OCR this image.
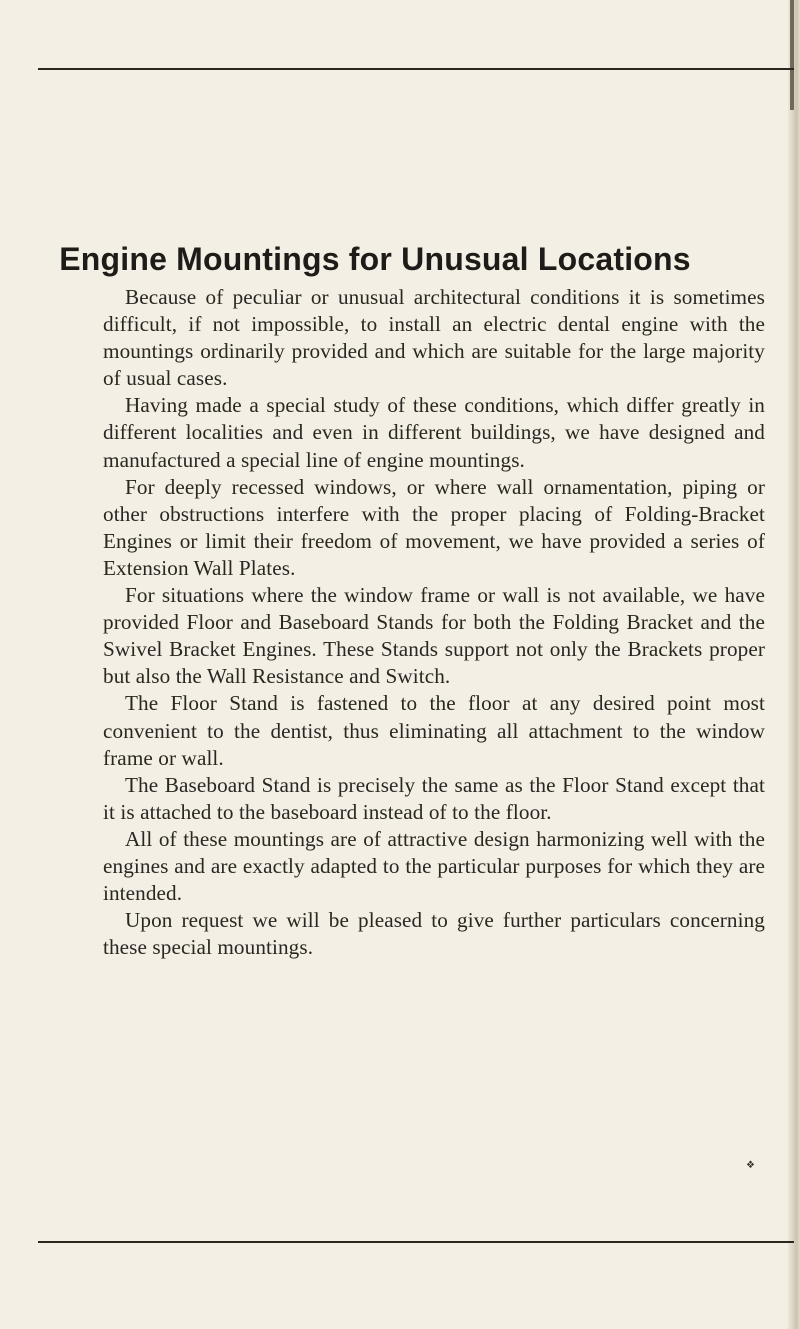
Engine Mountings for Unusual Locations

Because of peculiar or unusual architectural conditions it is sometimes difficult, if not impossible, to install an electric dental engine with the mountings ordinarily provided and which are suitable for the large majority of usual cases.

Having made a special study of these conditions, which differ greatly in different localities and even in different buildings, we have designed and manufactured a special line of engine mountings.

For deeply recessed windows, or where wall ornamentation, piping or other obstructions interfere with the proper placing of Folding-Bracket Engines or limit their freedom of movement, we have provided a series of Extension Wall Plates.

For situations where the window frame or wall is not available, we have provided Floor and Baseboard Stands for both the Folding Bracket and the Swivel Bracket Engines. These Stands support not only the Brackets proper but also the Wall Resistance and Switch.

The Floor Stand is fastened to the floor at any desired point most convenient to the dentist, thus eliminating all attachment to the window frame or wall.

The Baseboard Stand is precisely the same as the Floor Stand except that it is attached to the baseboard instead of to the floor.

All of these mountings are of attractive design harmonizing well with the engines and are exactly adapted to the particular purposes for which they are intended.

Upon request we will be pleased to give further particulars concerning these special mountings.

❖
